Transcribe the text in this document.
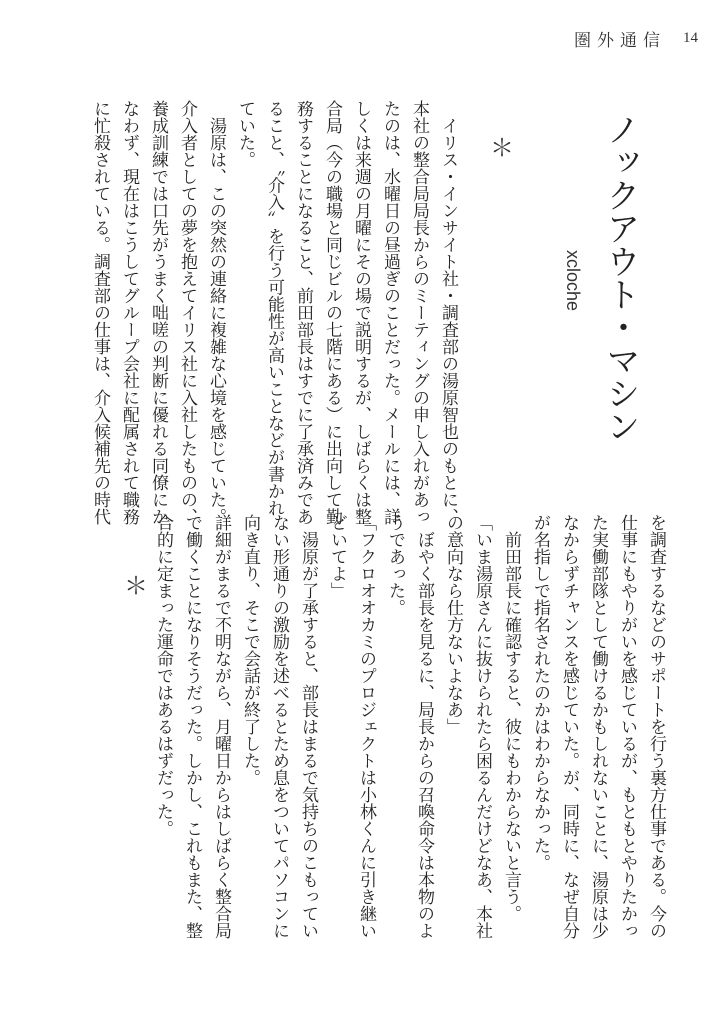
圏外通信 14
ノックアウト・マシン
xcloche
＊
　イリス・インサイト社・調査部の湯原智也のもとに、
本社の整合局局長からのミーティングの申し入れがあっ
たのは、水曜日の昼過ぎのことだった。メールには、詳
しくは来週の月曜にその場で説明するが、しばらくは整
合局（今の職場と同じビルの七階にある）に出向して勤
務することになること、前田部長はすでに了承済みであ
ること、〝介入〟を行う可能性が高いことなどが書かれ
ていた。
　湯原は、この突然の連絡に複雑な心境を感じていた。
介入者としての夢を抱えてイリス社に入社したものの、
養成訓練では口先がうまく咄嗟の判断に優れる同僚にか
なわず、現在はこうしてグループ会社に配属されて職務
に忙殺されている。調査部の仕事は、介入候補先の時代
＊	を調査するなどのサポートを行う裏方仕事である。今の
仕事にもやりがいを感じているが、もともとやりたかっ
た実働部隊として働けるかもしれないことに、湯原は少
なからずチャンスを感じていた。が、同時に、なぜ自分
が名指しで指名されたのかはわからなかった。
　前田部長に確認すると、彼にもわからないと言う。
「いま湯原さんに抜けられたら困るんだけどなあ、本社
の意向なら仕方ないよなあ」
　ぼやく部長を見るに、局長からの召喚命令は本物のよ
うであった。
「フクロオオカミのプロジェクトは小林くんに引き継い
どいてよ」
　湯原が了承すると、部長はまるで気持ちのこもってい
ない形通りの激励を述べるとため息をついてパソコンに
向き直り、そこで会話が終了した。
詳細がまるで不明ながら、月曜日からはしばらく整合局
で働くことになりそうだった。しかし、これもまた、整
合的に定まった運命ではあるはずだった。
